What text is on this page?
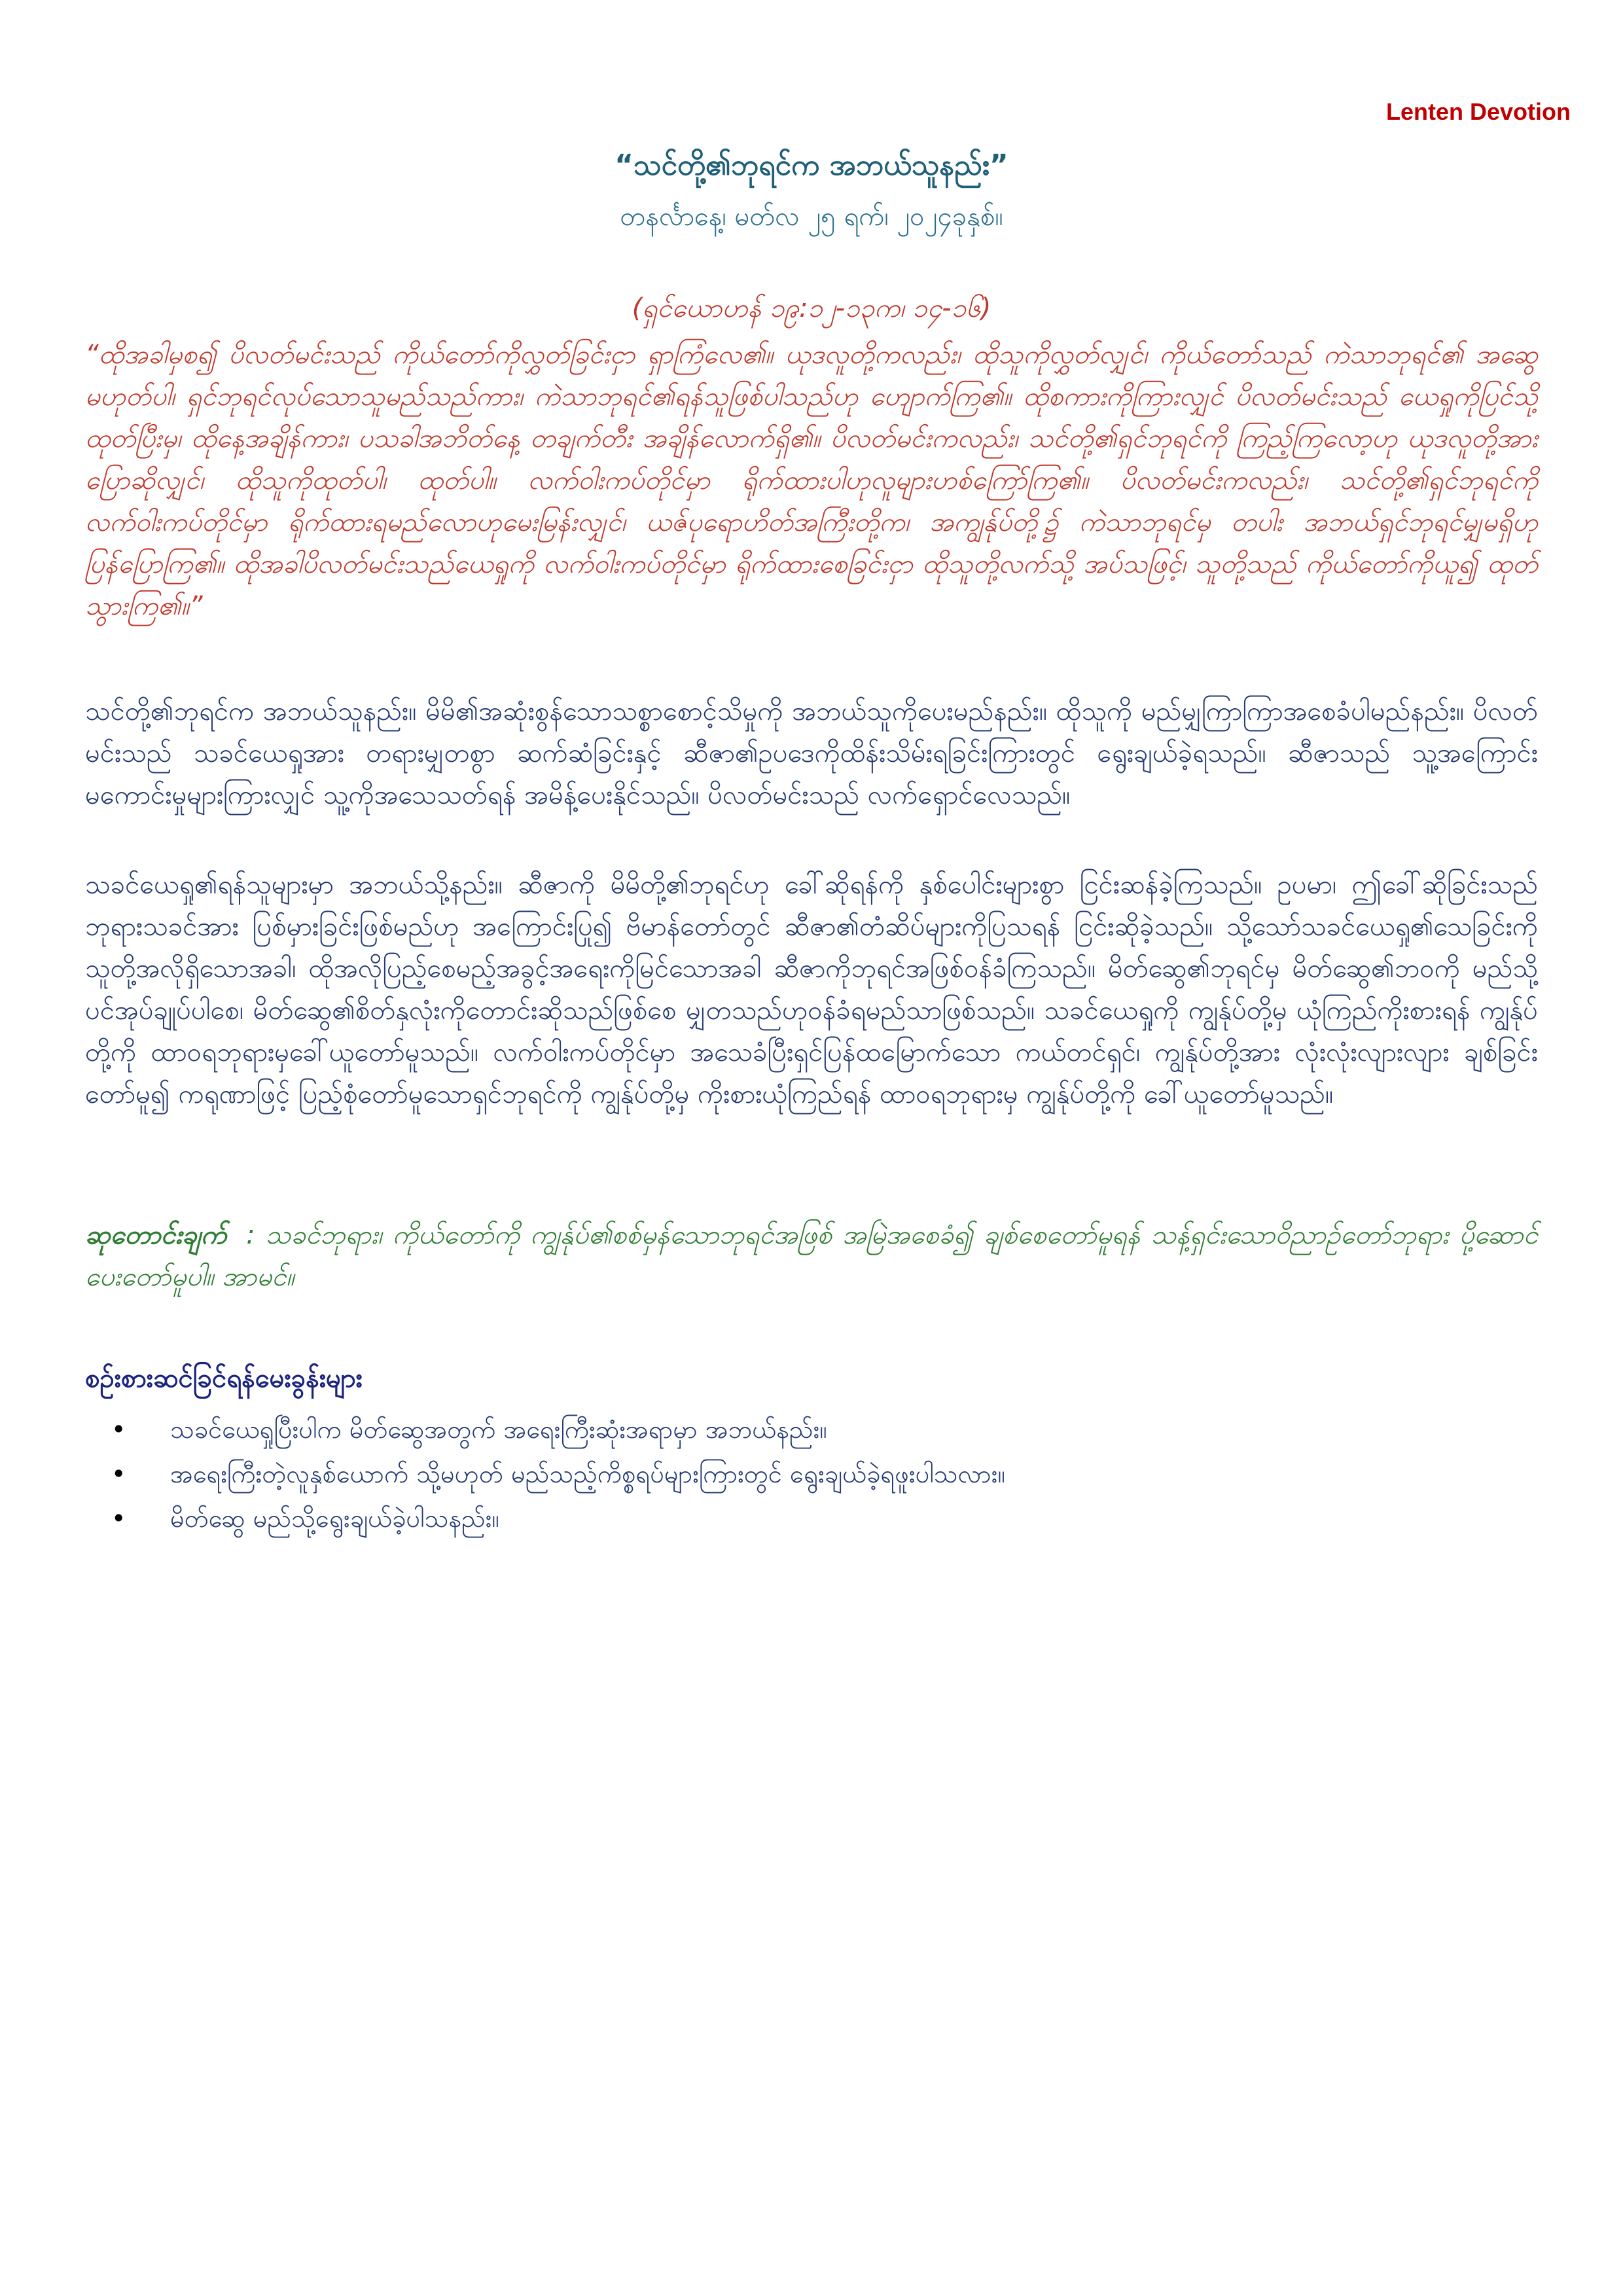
Lenten Devotion
“သင်တို့၏ဘုရင်က အဘယ်သူနည်း”
တနင်္လာနေ့၊ မတ်လ ၂၅ ရက်၊ ၂၀၂၄ခုနှစ်။
(ရှင်ယောဟန် ၁၉:၁၂-၁၃က၊ ၁၄-၁၆)
“ထိုအခါမှစ၍ ပိလတ်မင်းသည် ကိုယ်တော်ကိုလွှတ်ခြင်းငှာ ရှာကြံလေ၏။ ယုဒလူတို့ကလည်း၊ ထိုသူကိုလွှတ်လျှင်၊ ကိုယ်တော်သည် ကဲသာဘုရင်၏ အဆွေမဟုတ်ပါ၊ ရှင်ဘုရင်လုပ်သောသူမည်သည်ကား၊ ကဲသာဘုရင်၏ရန်သူဖြစ်ပါသည်ဟု ဟျောက်ကြ၏။ ထိုစကားကိုကြားလျှင် ပိလတ်မင်းသည် ယေရှုကိုပြင်သို့ထုတ်ပြီးမှ၊ ထိုနေ့အချိန်ကား၊ ပသခါအဘိတ်နေ့ တချက်တီး အချိန်လောက်ရှိ၏။ ပိလတ်မင်းကလည်း၊ သင်တို့၏ရှင်ဘုရင်ကို ကြည့်ကြလော့ဟု ယုဒလူတို့အား ပြောဆိုလျှင်၊ ထိုသူကိုထုတ်ပါ၊ ထုတ်ပါ။ လက်ဝါးကပ်တိုင်မှာ ရိုက်ထားပါဟုလူများဟစ်ကြော်ကြ၏။ ပိလတ်မင်းကလည်း၊ သင်တို့၏ရှင်ဘုရင်ကိုလက်ဝါးကပ်တိုင်မှာ ရိုက်ထားရမည်လောဟုမေးမြန်းလျှင်၊ ယဇ်ပုရောဟိတ်အကြီးတို့က၊ အကျွန်ုပ်တို့၌ ကဲသာဘုရင်မှ တပါး အဘယ်ရှင်ဘုရင်မျှမရှိဟု ပြန်ပြောကြ၏။ ထိုအခါပိလတ်မင်းသည်ယေရှုကို လက်ဝါးကပ်တိုင်မှာ ရိုက်ထားစေခြင်းငှာ ထိုသူတို့လက်သို့ အပ်သဖြင့်၊ သူတို့သည် ကိုယ်တော်ကိုယူ၍ ထုတ်သွားကြ၏။”
သင်တို့၏ဘုရင်က အဘယ်သူနည်း။ မိမိ၏အဆုံးစွန်သောသစ္စာစောင့်သိမှုကို အဘယ်သူကိုပေးမည်နည်း။ ထိုသူကို မည်မျှကြာကြာအစေခံပါမည်နည်း။ ပိလတ်မင်းသည် သခင်ယေရှုအား တရားမျှတစွာ ဆက်ဆံခြင်းနှင့် ဆီဇာ၏ဥပဒေကိုထိန်းသိမ်းရခြင်းကြားတွင် ရွေးချယ်ခဲ့ရသည်။ ဆီဇာသည် သူ့အကြောင်း မကောင်းမှုများကြားလျှင် သူ့ကိုအသေသတ်ရန် အမိန့်ပေးနိုင်သည်။ ပိလတ်မင်းသည် လက်ရှောင်လေသည်။
သခင်ယေရှု၏ရန်သူများမှာ အဘယ်သို့နည်း။ ဆီဇာကို မိမိတို့၏ဘုရင်ဟု ခေါ်ဆိုရန်ကို နှစ်ပေါင်းများစွာ ငြင်းဆန်ခဲ့ကြသည်။ ဥပမာ၊ ဤခေါ်ဆိုခြင်းသည် ဘုရားသခင်အား ပြစ်မှားခြင်းဖြစ်မည်ဟု အကြောင်းပြု၍ ဗိမာန်တော်တွင် ဆီဇာ၏တံဆိပ်များကိုပြသရန် ငြင်းဆိုခဲ့သည်။ သို့သော်သခင်ယေရှု၏သေခြင်းကို သူတို့အလိုရှိသောအခါ၊ ထိုအလိုပြည့်စေမည့်အခွင့်အရေးကိုမြင်သောအခါ ဆီဇာကိုဘုရင်အဖြစ်ဝန်ခံကြသည်။ မိတ်ဆွေ၏ဘုရင်မှ မိတ်ဆွေ၏ဘဝကို မည်သို့ပင်အုပ်ချုပ်ပါစေ၊ မိတ်ဆွေ၏စိတ်နှလုံးကိုတောင်းဆိုသည်ဖြစ်စေ မျှတသည်ဟုဝန်ခံရမည်သာဖြစ်သည်။ သခင်ယေရှုကို ကျွန်ုပ်တို့မှ ယုံကြည်ကိုးစားရန် ကျွန်ုပ်တို့ကို ထာဝရဘုရားမှခေါ်ယူတော်မူသည်။ လက်ဝါးကပ်တိုင်မှာ အသေခံပြီးရှင်ပြန်ထမြောက်သော ကယ်တင်ရှင်၊ ကျွန်ုပ်တို့အား လုံးလုံးလျားလျား ချစ်ခြင်းတော်မူ၍ ကရုဏာဖြင့် ပြည့်စုံတော်မူသောရှင်ဘုရင်ကို ကျွန်ုပ်တို့မှ ကိုးစားယုံကြည်ရန် ထာဝရဘုရားမှ ကျွန်ုပ်တို့ကို ခေါ်ယူတော်မူသည်။
ဆုတောင်းချက် : သခင်ဘုရား၊ ကိုယ်တော်ကို ကျွန်ုပ်၏စစ်မှန်သောဘုရင်အဖြစ် အမြဲအစေခံ၍ ချစ်စေတော်မူရန် သန့်ရှင်းသောဝိညာဉ်တော်ဘုရား ပို့ဆောင်ပေးတော်မူပါ။ အာမင်။
စဉ်းစားဆင်ခြင်ရန်မေးခွန်းများ
• သခင်ယေရှုပြီးပါက မိတ်ဆွေအတွက် အရေးကြီးဆုံးအရာမှာ အဘယ်နည်း။
• အရေးကြီးတဲ့လူနှစ်ယောက် သို့မဟုတ် မည်သည့်ကိစ္စရပ်များကြားတွင် ရွေးချယ်ခဲ့ရဖူးပါသလား။
• မိတ်ဆွေ မည်သို့ရွေးချယ်ခဲ့ပါသနည်း။
